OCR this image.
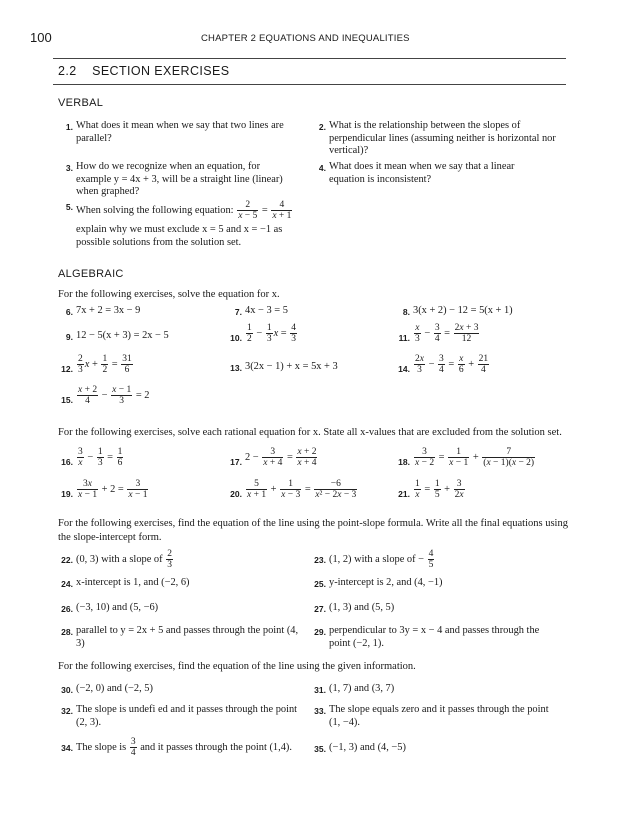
100	CHAPTER 2 EQUATIONS AND INEQUALITIES
2.2 SECTION EXERCISES
VERBAL
1. What does it mean when we say that two lines are parallel?
2. What is the relationship between the slopes of perpendicular lines (assuming neither is horizontal nor vertical)?
3. How do we recognize when an equation, for example y = 4x + 3, will be a straight line (linear) when graphed?
4. What does it mean when we say that a linear equation is inconsistent?
5. When solving the following equation: $\frac{2}{x - 5} = \frac{4}{x + 1}$
explain why we must exclude x = 5 and x = −1 as possible solutions from the solution set.
ALGEBRAIC
For the following exercises, solve the equation for x.
6. 7x + 2 = 3x − 9	7. 4x − 3 = 5	8. 3(x + 2) − 12 = 5(x + 1)
9. 12 − 5(x + 3) = 2x − 5	10. $\frac{1}{2} - \frac{1}{3}$ $x = \frac{4}{3}$	11. $\frac{x}{3} - \frac{3}{4} = \frac{2x + 3}{12}$
12. $\frac{2}{3}$ $x + \frac{1}{2} = \frac{31}{6}$	13. 3(2x − 1) + x = 5x + 3	14. $\frac{2x}{3} - \frac{3}{4} = \frac{x}{6} + \frac{21}{4}$
15. $\frac{x + 2}{4} - \frac{x - 1}{3} = 2$
For the following exercises, solve each rational equation for x. State all x-values that are excluded from the solution set.
16. $\frac{3}{x} - \frac{1}{3} = \frac{1}{6}$	17. $2 - \frac{3}{x + 4} = \frac{x + 2}{x + 4}$	18. $\frac{3}{x - 2} = \frac{1}{x - 1} + \frac{7}{(x - 1)(x - 2)}$
19. $\frac{3x}{x - 1} + 2 = \frac{3}{x - 1}$	20. $\frac{5}{x + 1} + \frac{1}{x - 3} = \frac{-6}{\text{x² − 2x − 3}}$	21. $\frac{1}{x} = \frac{1}{5} + \frac{3}{2x}$
For the following exercises, find the equation of the line using the point-slope formula. Write all the final equations using the slope-intercept form.
22. (0, 3) with a slope of $\frac{2}{3}$	23. (1, 2) with a slope of − $\frac{4}{5}$
24. x-intercept is 1, and (−2, 6)	25. y-intercept is 2, and (4, −1)
26. (−3, 10) and (5, −6)	27. (1, 3) and (5, 5)
28. parallel to y = 2x + 5 and passes through the point (4, 3)
29. perpendicular to 3y = x − 4 and passes through the point (−2, 1).
For the following exercises, find the equation of the line using the given information.
30. (−2, 0) and (−2, 5)	31. (1, 7) and (3, 7)
32. The slope is undefi ed and it passes through the point (2, 3).
33. The slope equals zero and it passes through the point (1, −4).
34. The slope is $\frac{3}{4}$ and it passes through the point (1,4).	35. (−1, 3) and (4, −5)
